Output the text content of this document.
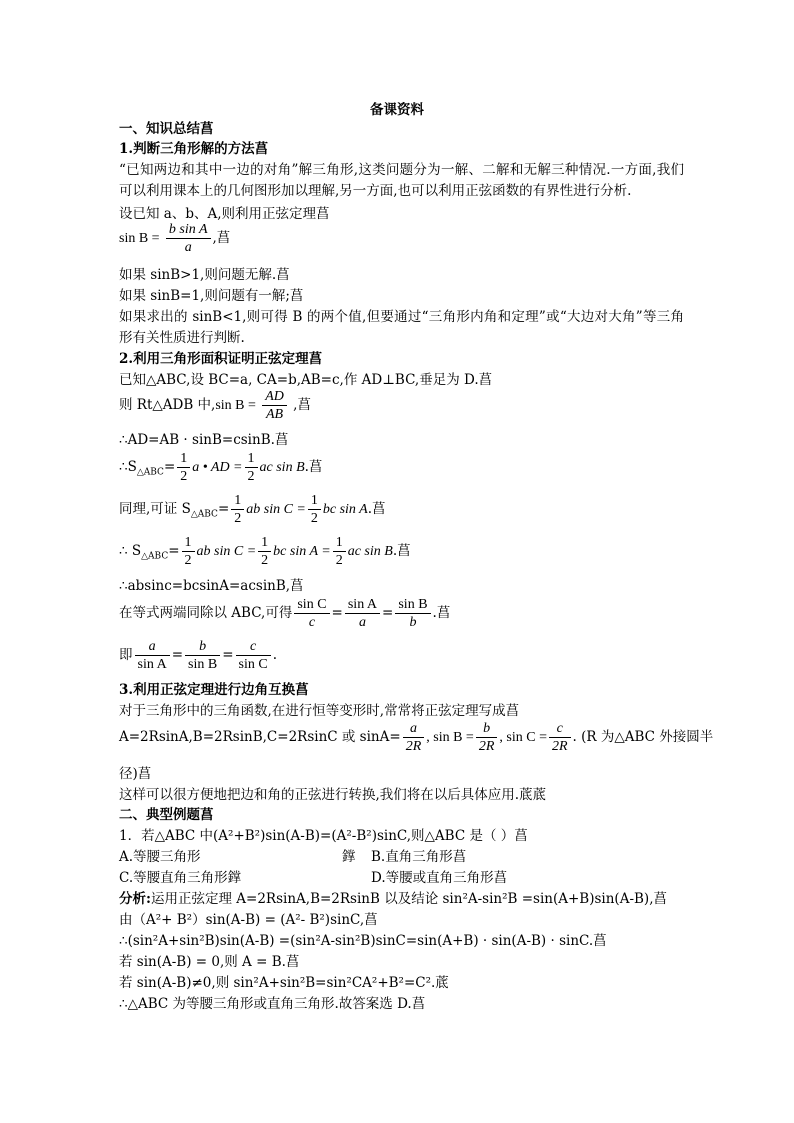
备课资料
一、知识总结菖
1.判断三角形解的方法菖
“已知两边和其中一边的对角”解三角形,这类问题分为一解、二解和无解三种情况.一方面,我们可以利用课本上的几何图形加以理解,另一方面,也可以利用正弦函数的有界性进行分析.
设已知 a、b、A,则利用正弦定理菖
$\sin B = \frac{\text{b sin A}}{a}$ ,菖
如果 sinB>1,则问题无解.菖
如果 sinB=1,则问题有一解;菖
如果求出的 sinB<1,则可得 B 的两个值,但要通过“三角形内角和定理”或“大边对大角”等三角形有关性质进行判断.
2.利用三角形面积证明正弦定理菖
已知△ABC,设 BC=a, CA=b,AB=c,作 AD⊥BC,垂足为 D.菖
则 Rt△ADB 中,sin $B = \frac{AD}{AB}$ ,菖
∴AD=AB · sinB=csinB.菖
$\therefore S_{\triangle ABC}= \frac{1}{2}$ a • AD = $\frac{1}{2}$ ac sin B.菖
同理,可证 $S_{\triangle ABC}= \frac{1}{2}$ ab $\sin C = \frac{1}{2}$ bc sin A.菖
∴ $S_{\triangle ABC}= \frac{1}{2}$ ab $\sin C = \frac{1}{2}$ bc $\sin A = \frac{1}{2}$ ac sin B.菖
∴absinc=bcsinA=acsinB,菖
在等式两端同除以 ABC,可得 $\frac{\text{sin C}}{c} = \frac{\text{sin A}}{a} = \frac{\text{sin B}}{b}$ .菖
即 $\frac{a}{\text{sin A}} = \frac{b}{\text{sin B}} = \frac{c}{\text{sin C}}$ .
3.利用正弦定理进行边角互换菖
对于三角形中的三角函数,在进行恒等变形时,常常将正弦定理写成菖
A=2RsinA,B=2RsinB,C=2RsinC 或 $\sin A= \frac{a}{2R}$ , $\sin B = \frac{b}{2R}$ , $\sin C = \frac{c}{2R}$ . (R 为△ABC 外接圆半
径)菖
这样可以很方便地把边和角的正弦进行转换,我们将在以后具体应用.菧菧
二、典型例题菖
1．若△ABC 中(A²+B²)sin(A-B)=(A²-B²)sinC,则△ABC 是（ ）菖
A.等腰三角形	鐣 B.直角三角形菖
C.等腰直角三角形鐣	D.等腰或直角三角形菖
分析:运用正弦定理 A=2RsinA,B=2RsinB 以及结论 sin²A-sin²B =sin(A+B)sin(A-B),菖
由（A²+ B²）sin(A-B) = (A²- B²)sinC,菖
∴(sin²A+sin²B)sin(A-B) =(sin²A-sin²B)sinC=sin(A+B) · sin(A-B) · sinC.菖
若 sin(A-B) = 0,则 A = B.菖
若 sin(A-B)≠0,则 sin²A+sin²B=sin²CA²+B²=C².菧
∴△ABC 为等腰三角形或直角三角形.故答案选 D.菖
